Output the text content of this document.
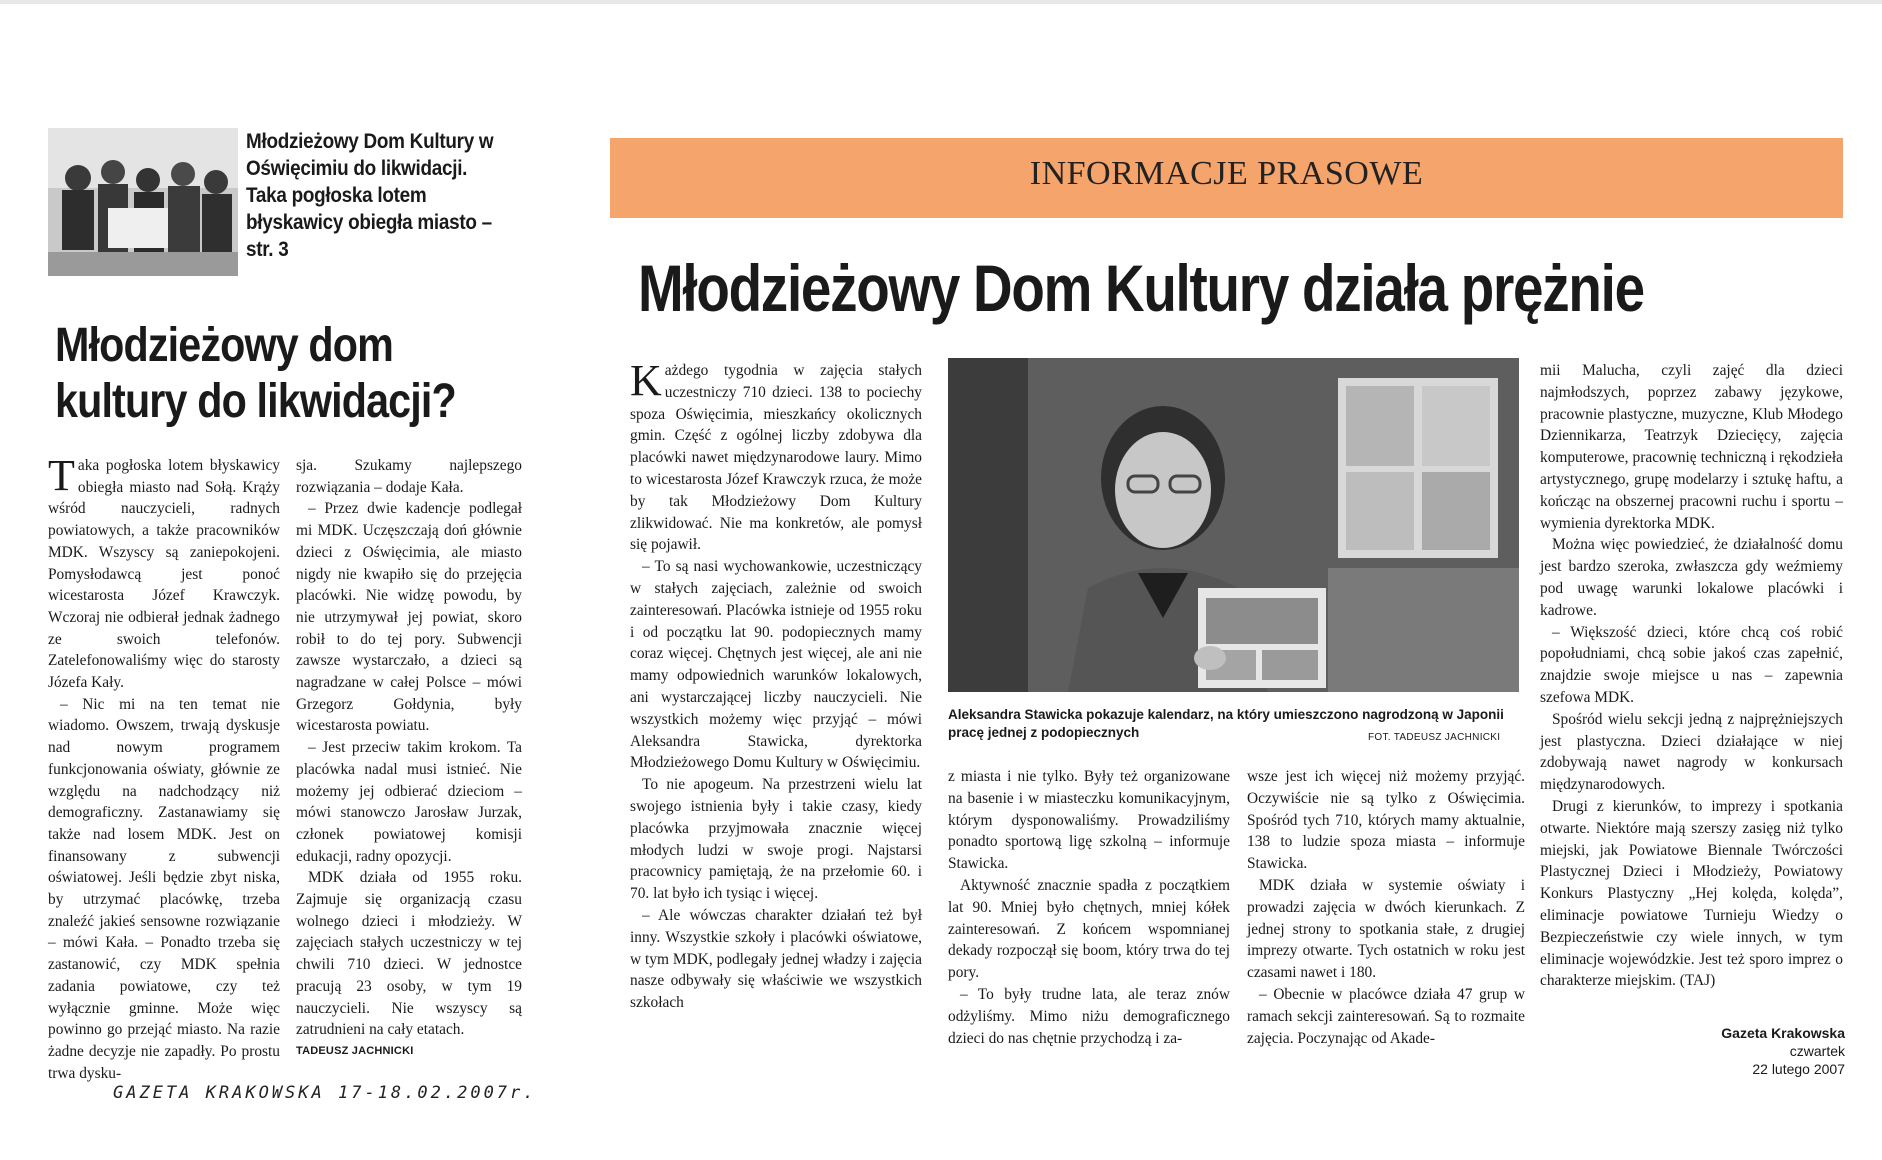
Młodzieżowy Dom Kultury w Oświęcimiu do likwidacji. Taka pogłoska lotem błyskawicy obiegła miasto –str. 3
Młodzieżowy dom
kultury do likwidacji?
T aka pogłoska lotem błyskawicy obiegła miasto nad Sołą. Krąży wśród nauczycieli, radnych powiatowych, a także pracowników MDK. Wszyscy są zaniepokojeni. Pomysłodawcą jest ponoć wicestarosta Józef Krawczyk. Wczoraj nie odbierał jednak żadnego ze swoich telefonów. Zatelefonowaliśmy więc do starosty Józefa Kały.

– Nic mi na ten temat nie wiadomo. Owszem, trwają dyskusje nad nowym programem funkcjonowania oświaty, głównie ze względu na nadchodzący niż demograficzny. Zastanawiamy się także nad losem MDK. Jest on finansowany z subwencji oświatowej. Jeśli będzie zbyt niska, by utrzymać placówkę, trzeba znaleźć jakieś sensowne rozwiązanie – mówi Kała. – Ponadto trzeba się zastanowić, czy MDK spełnia zadania powiatowe, czy też wyłącznie gminne. Może więc powinno go przejąć miasto. Na razie żadne decyzje nie zapadły. Po prostu trwa dysku-

sja. Szukamy najlepszego rozwiązania – dodaje Kała.

– Przez dwie kadencje podlegał mi MDK. Uczęszczają doń głównie dzieci z Oświęcimia, ale miasto nigdy nie kwapiło się do przejęcia placówki. Nie widzę powodu, by nie utrzymywał jej powiat, skoro robił to do tej pory. Subwencji zawsze wystarczało, a dzieci są nagradzane w całej Polsce – mówi Grzegorz Gołdynia, były wicestarosta powiatu.

– Jest przeciw takim krokom. Ta placówka nadal musi istnieć. Nie możemy jej odbierać dzieciom – mówi stanowczo Jarosław Jurzak, członek powiatowej komisji edukacji, radny opozycji.

MDK działa od 1955 roku. Zajmuje się organizacją czasu wolnego dzieci i młodzieży. W zajęciach stałych uczestniczy w tej chwili 710 dzieci. W jednostce pracują 23 osoby, w tym 19 nauczycieli. Nie wszyscy są zatrudnieni na cały etatach.

TADEUSZ JACHNICKI
GAZETA KRAKOWSKA 17-18.02.2007r.
INFORMACJE PRASOWE
Młodzieżowy Dom Kultury działa prężnie
K ażdego tygodnia w zajęcia stałych uczestniczy 710 dzieci. 138 to pociechy spoza Oświęcimia, mieszkańcy okolicznych gmin. Część z ogólnej liczby zdobywa dla placówki nawet międzynarodowe laury. Mimo to wicestarosta Józef Krawczyk rzuca, że może by tak Młodzieżowy Dom Kultury zlikwidować. Nie ma konkretów, ale pomysł się pojawił.

– To są nasi wychowankowie, uczestniczący w stałych zajęciach, zależnie od swoich zainteresowań. Placówka istnieje od 1955 roku i od początku lat 90. podopiecznych mamy coraz więcej. Chętnych jest więcej, ale ani nie mamy odpowiednich warunków lokalowych, ani wystarczającej liczby nauczycieli. Nie wszystkich możemy więc przyjąć – mówi Aleksandra Stawicka, dyrektorka Młodzieżowego Domu Kultury w Oświęcimiu.

To nie apogeum. Na przestrzeni wielu lat swojego istnienia były i takie czasy, kiedy placówka przyjmowała znacznie więcej młodych ludzi w swoje progi. Najstarsi pracownicy pamiętają, że na przełomie 60. i 70. lat było ich tysiąc i więcej.

– Ale wówczas charakter działań też był inny. Wszystkie szkoły i placówki oświatowe, w tym MDK, podlegały jednej władzy i zajęcia nasze odbywały się właściwie we wszystkich szkołach

Aleksandra Stawicka pokazuje kalendarz, na który umieszczono nagrodzoną w Japonii pracę jednej z podopiecznych	FOT. TADEUSZ JACHNICKI

z miasta i nie tylko. Były też organizowane na basenie i w miasteczku komunikacyjnym, którym dysponowaliśmy. Prowadziliśmy ponadto sportową ligę szkolną – informuje Stawicka.

Aktywność znacznie spadła z początkiem lat 90. Mniej było chętnych, mniej kółek zainteresowań. Z końcem wspomnianej dekady rozpoczął się boom, który trwa do tej pory.

– To były trudne lata, ale teraz znów odżyliśmy. Mimo niżu demograficznego dzieci do nas chętnie przychodzą i za-

wsze jest ich więcej niż możemy przyjąć. Oczywiście nie są tylko z Oświęcimia. Spośród tych 710, których mamy aktualnie, 138 to ludzie spoza miasta – informuje Stawicka.

MDK działa w systemie oświaty i prowadzi zajęcia w dwóch kierunkach. Z jednej strony to spotkania stałe, z drugiej imprezy otwarte. Tych ostatnich w roku jest czasami nawet i 180.

– Obecnie w placówce działa 47 grup w ramach sekcji zainteresowań. Są to rozmaite zajęcia. Poczynając od Akade-

mii Malucha, czyli zajęć dla dzieci najmłodszych, poprzez zabawy językowe, pracownie plastyczne, muzyczne, Klub Młodego Dziennikarza, Teatrzyk Dziecięcy, zajęcia komputerowe, pracownię techniczną i rękodzieła artystycznego, grupę modelarzy i sztukę haftu, a kończąc na obszernej pracowni ruchu i sportu – wymienia dyrektorka MDK.

Można więc powiedzieć, że działalność domu jest bardzo szeroka, zwłaszcza gdy weźmiemy pod uwagę warunki lokalowe placówki i kadrowe.

– Większość dzieci, które chcą coś robić popołudniami, chcą sobie jakoś czas zapełnić, znajdzie swoje miejsce u nas – zapewnia szefowa MDK.

Spośród wielu sekcji jedną z najprężniejszych jest plastyczna. Dzieci działające w niej zdobywają nawet nagrody w konkursach międzynarodowych.

Drugi z kierunków, to imprezy i spotkania otwarte. Niektóre mają szerszy zasięg niż tylko miejski, jak Powiatowe Biennale Twórczości Plastycznej Dzieci i Młodzieży, Powiatowy Konkurs Plastyczny „Hej kolęda, kolęda”, eliminacje powiatowe Turnieju Wiedzy o Bezpieczeństwie czy wiele innych, w tym eliminacje wojewódzkie. Jest też sporo imprez o charakterze miejskim. (TAJ)

Gazeta Krakowska
czwartek
22 lutego 2007
